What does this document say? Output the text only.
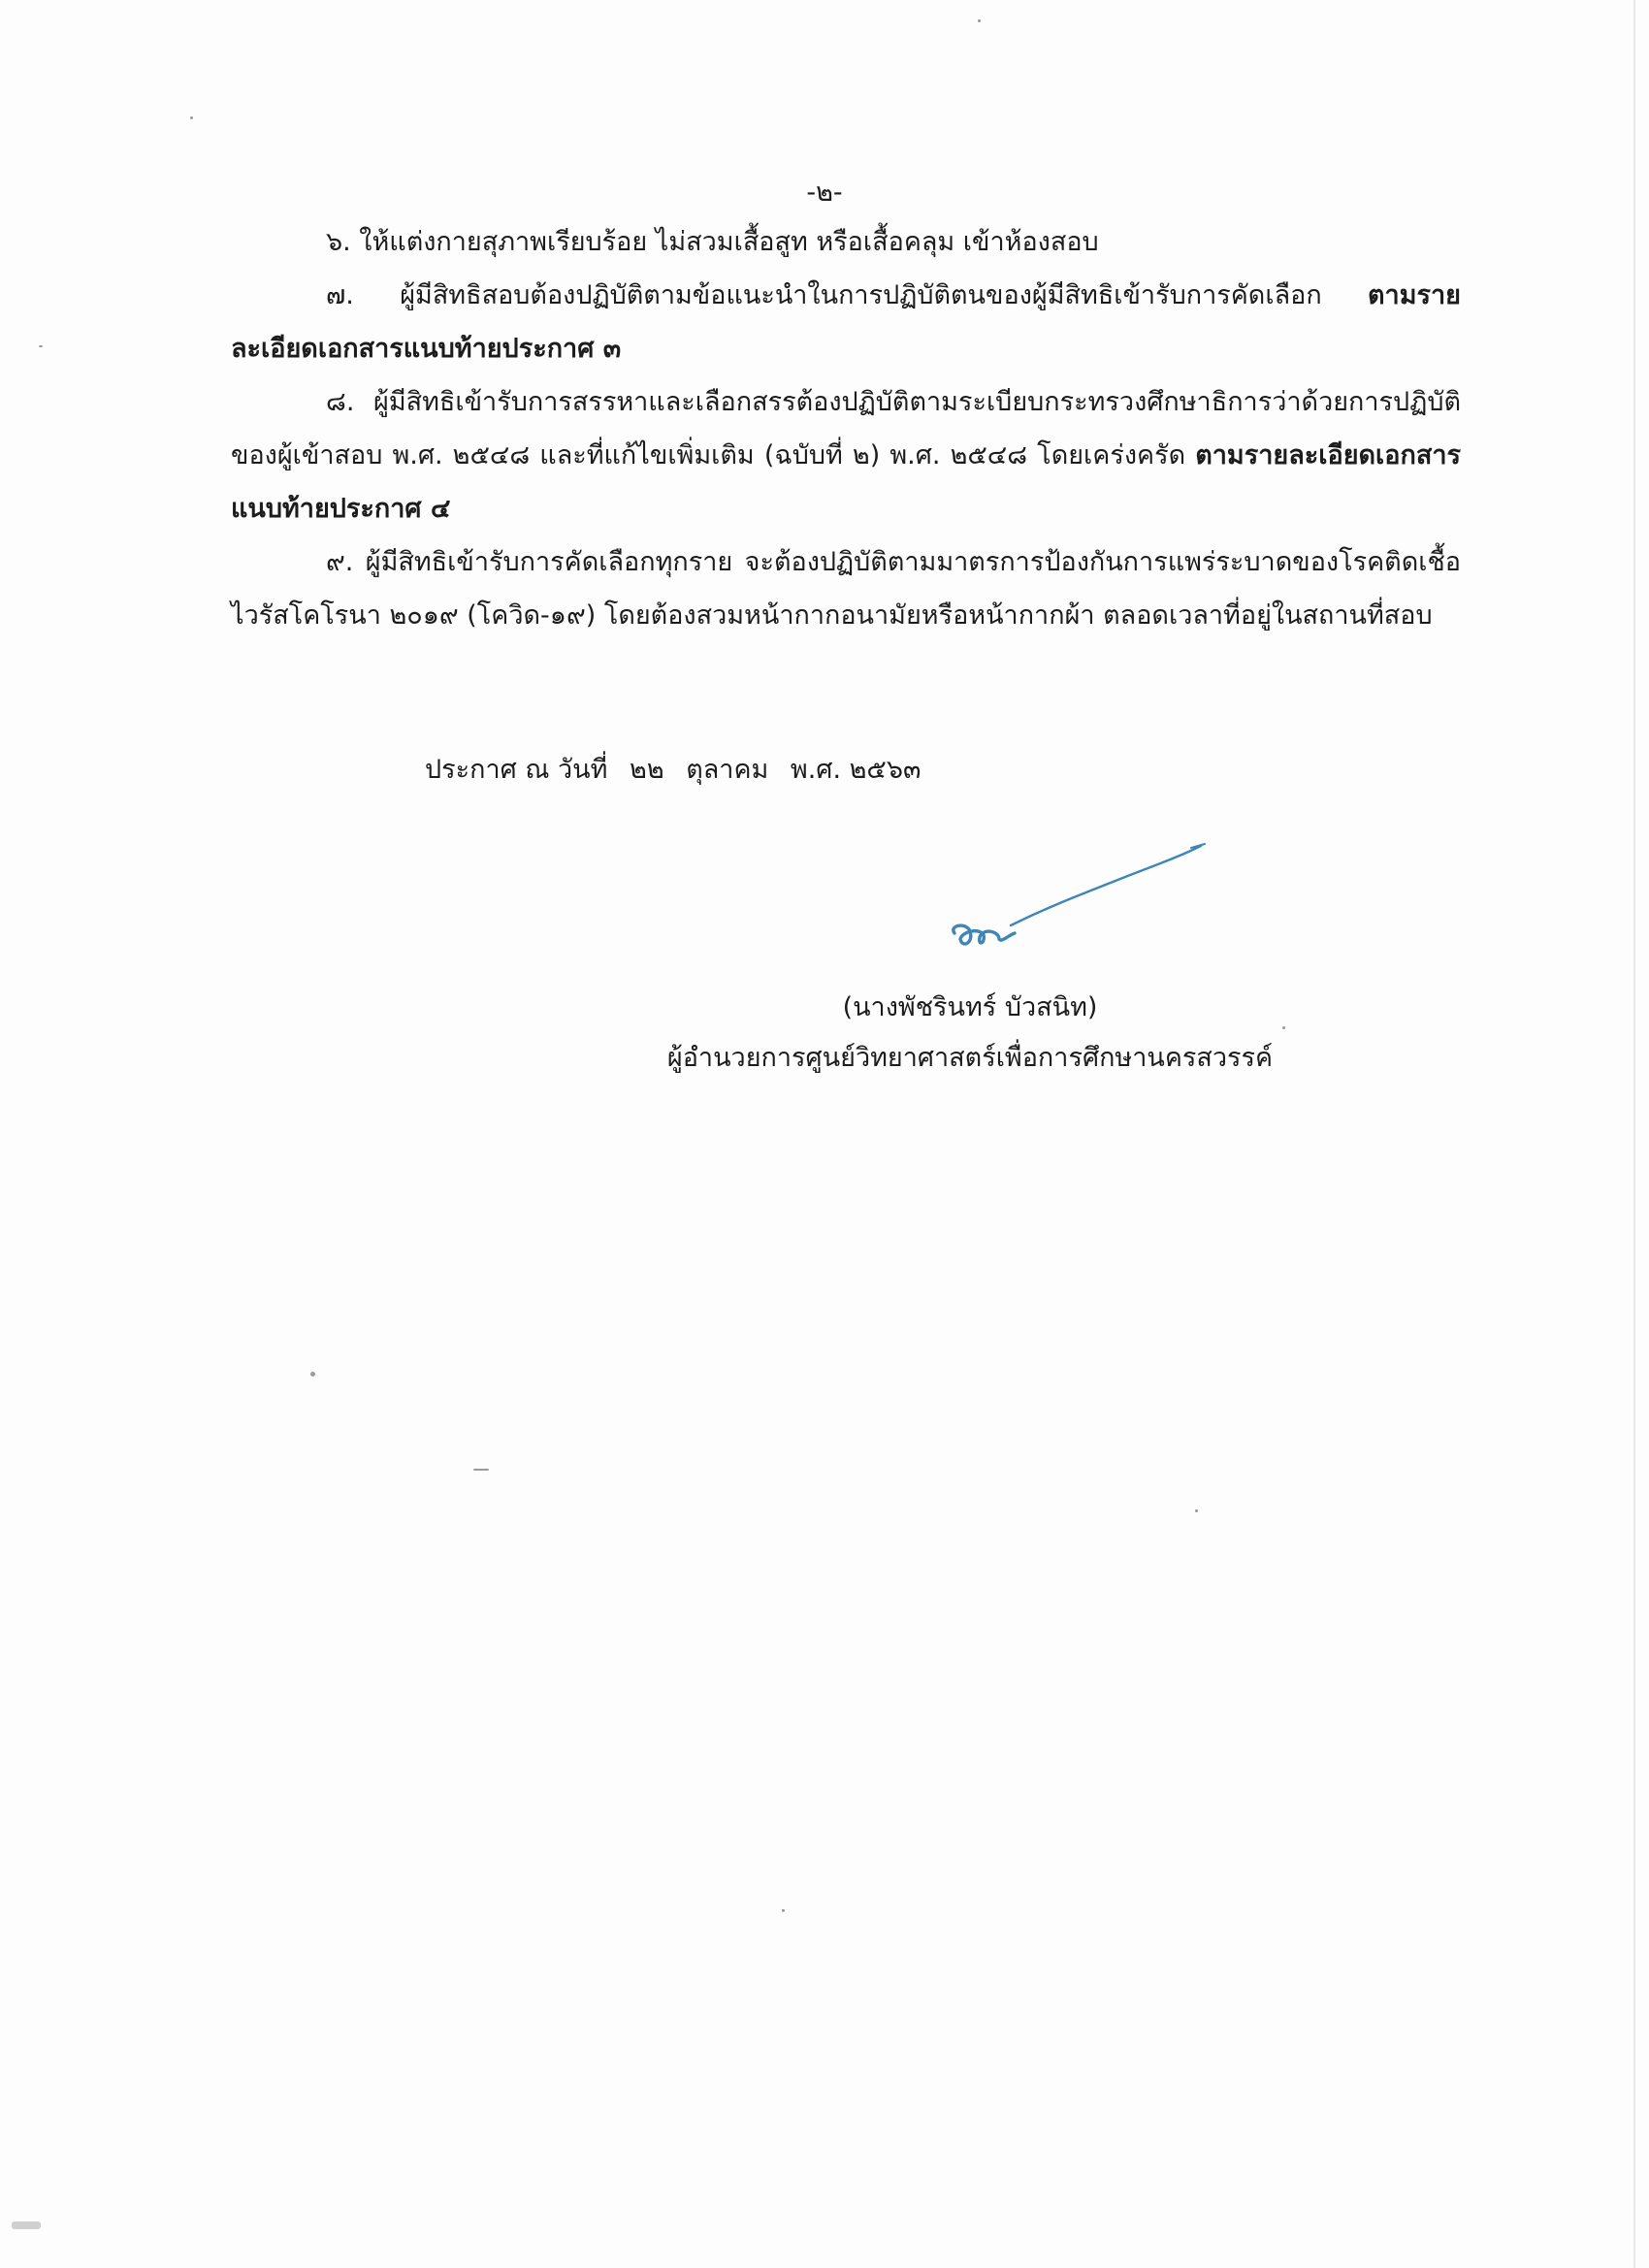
-๒-

๖. ให้แต่งกายสุภาพเรียบร้อย ไม่สวมเสื้อสูท หรือเสื้อคลุม เข้าห้องสอบ

๗. ผู้มีสิทธิสอบต้องปฏิบัติตามข้อแนะนำในการปฏิบัติตนของผู้มีสิทธิเข้ารับการคัดเลือก ตามรายละเอียดเอกสารแนบท้ายประกาศ ๓

๘. ผู้มีสิทธิเข้ารับการสรรหาและเลือกสรรต้องปฏิบัติตามระเบียบกระทรวงศึกษาธิการว่าด้วยการปฏิบัติของผู้เข้าสอบ พ.ศ. ๒๕๔๘ และที่แก้ไขเพิ่มเติม (ฉบับที่ ๒) พ.ศ. ๒๕๔๘ โดยเคร่งครัด ตามรายละเอียดเอกสารแนบท้ายประกาศ ๔

๙. ผู้มีสิทธิเข้ารับการคัดเลือกทุกราย จะต้องปฏิบัติตามมาตรการป้องกันการแพร่ระบาดของโรคติดเชื้อไวรัสโคโรนา ๒๐๑๙ (โควิด-๑๙) โดยต้องสวมหน้ากากอนามัยหรือหน้ากากผ้า ตลอดเวลาที่อยู่ในสถานที่สอบ

ประกาศ ณ วันที่ ๒๒ ตุลาคม พ.ศ. ๒๕๖๓
(นางพัชรินทร์ บัวสนิท)
ผู้อำนวยการศูนย์วิทยาศาสตร์เพื่อการศึกษานครสวรรค์
